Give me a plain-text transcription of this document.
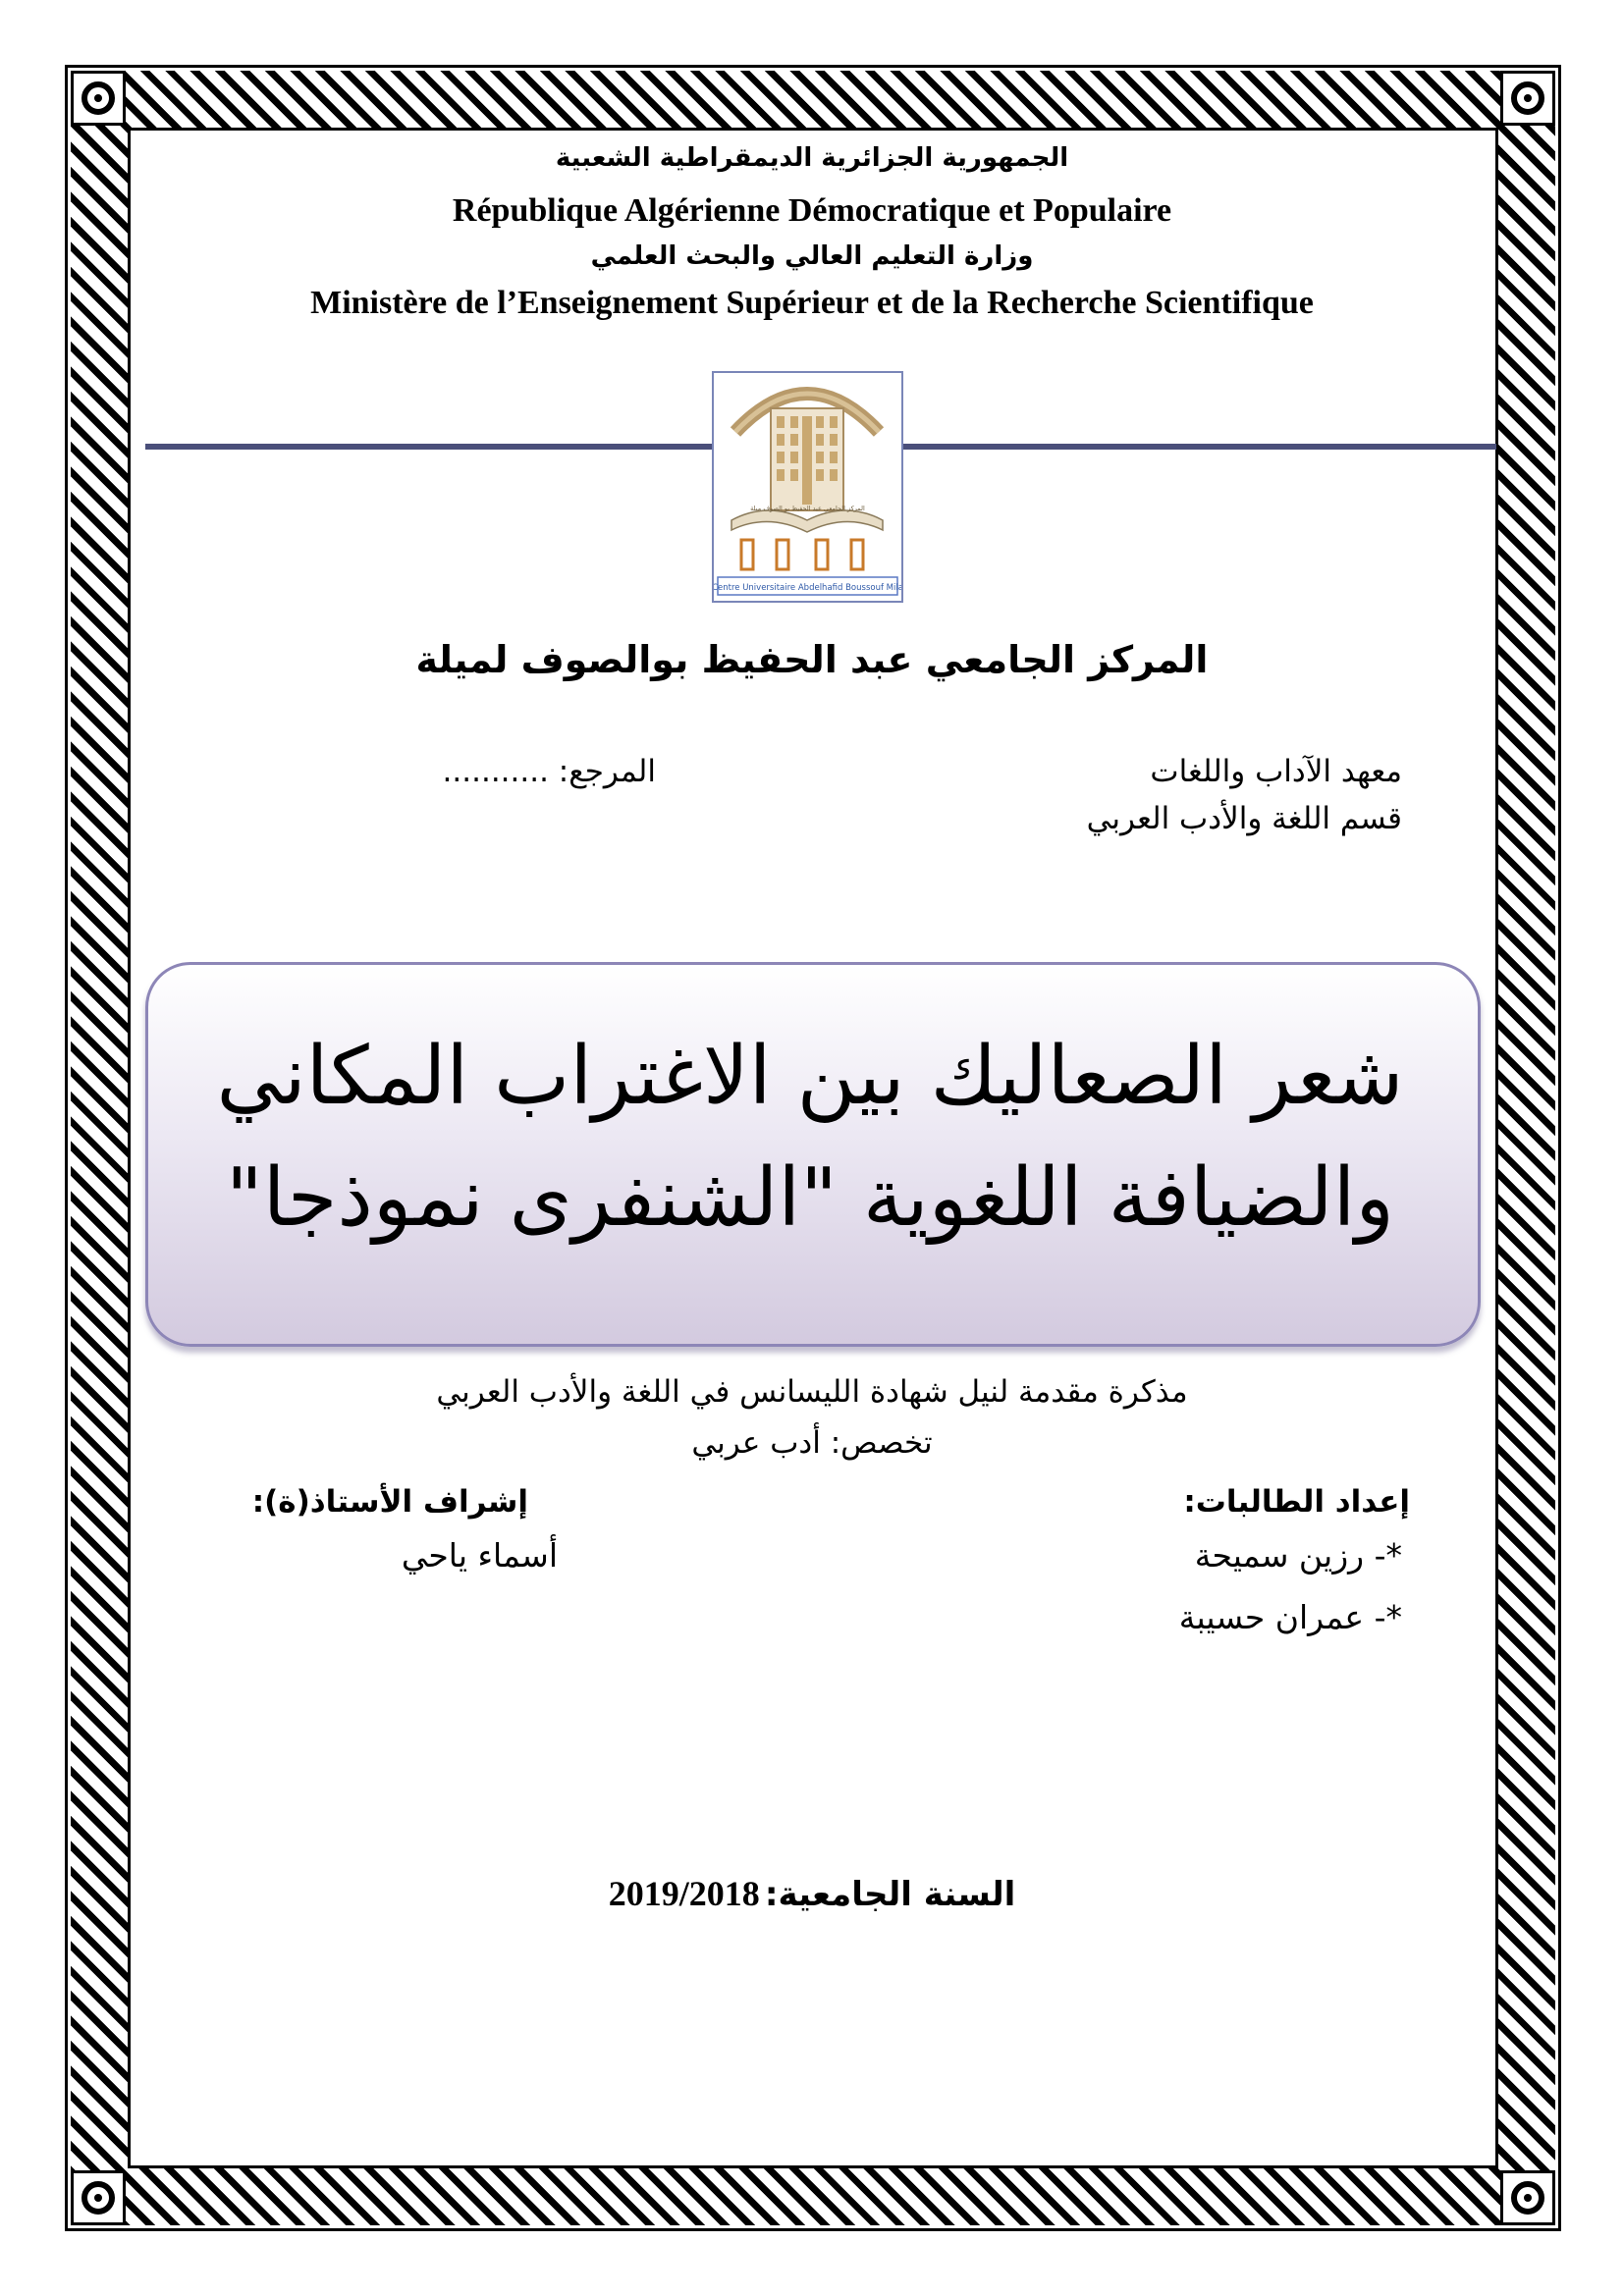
الجمهورية الجزائرية الديمقراطية الشعبية
République Algérienne Démocratique et Populaire
وزارة التعليم العالي والبحث العلمي
Ministère de l’Enseignement Supérieur et de la Recherche Scientifique
Centre Universitaire Abdelhafid Boussouf Mila
المركز الجامعي عبد الحفيظ بو الصوف ميلة
المركز الجامعي عبد الحفيظ بوالصوف لميلة
معهد الآداب واللغات
قسم اللغة والأدب العربي
المرجع: ...........
شعر الصعاليك بين الاغتراب المكاني
والضيافة اللغوية "الشنفرى نموذجا"
مذكرة مقدمة لنيل شهادة الليسانس في اللغة والأدب العربي
تخصص: أدب عربي
إعداد الطالبات:
*- رزين سميحة
*- عمران حسيبة
إشراف الأستاذ(ة):
أسماء ياحي
2019/2018 السنة الجامعية:
